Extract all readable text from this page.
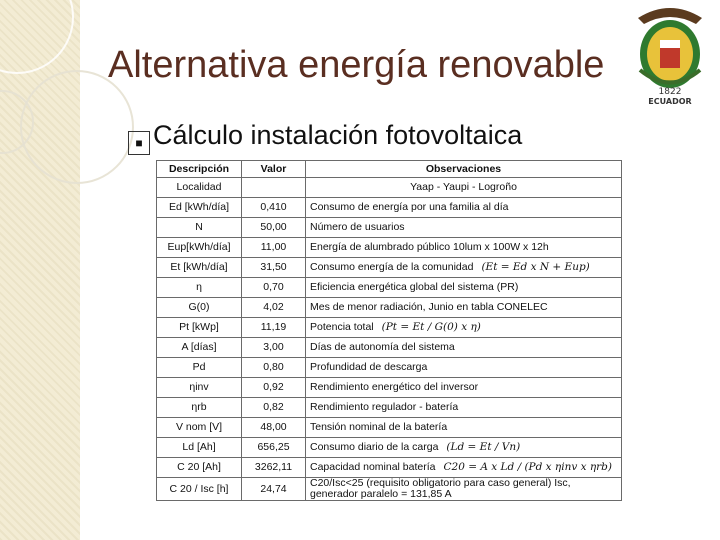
Alternativa energía renovable
1822
ECUADOR
■ Cálculo instalación fotovoltaica
Descripción	Valor	Observaciones
Localidad		Yaap - Yaupi - Logroño
Ed [kWh/día]	0,410	Consumo de energía por una familia al día
N	50,00	Número de usuarios
Eup[kWh/día]	11,00	Energía de alumbrado público 10lum x 100W x 12h
Et [kWh/día]	31,50	Consumo energía de la comunidad (Et = Ed x N + Eup)
η	0,70	Eficiencia energética global del sistema (PR)
G(0)	4,02	Mes de menor radiación, Junio en tabla CONELEC
Pt [kWp]	11,19	Potencia total (Pt = Et / G(0) x η)
A [días]	3,00	Días de autonomía del sistema
Pd	0,80	Profundidad de descarga
ηinv	0,92	Rendimiento energético del inversor
ηrb	0,82	Rendimiento regulador - batería
V nom [V]	48,00	Tensión nominal de la batería
Ld [Ah]	656,25	Consumo diario de la carga (Ld = Et / Vn)
C 20 [Ah]	3262,11	Capacidad nominal batería C20 = A x Ld / (Pd x ηinv x ηrb)
C 20 / Isc [h]	24,74	C20/Isc<25 (requisito obligatorio para caso general) Isc, generador paralelo = 131,85 A
